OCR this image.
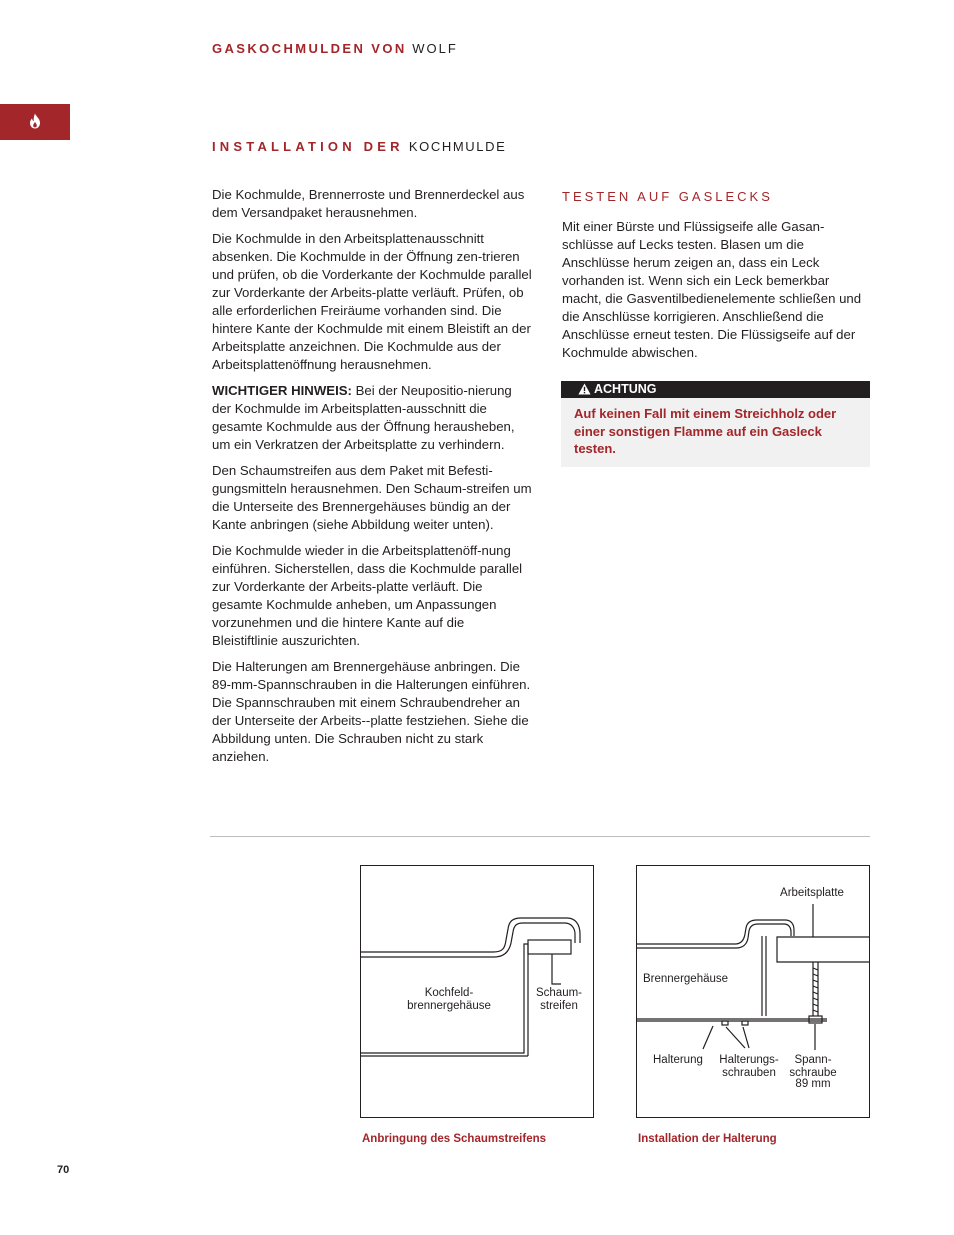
GASKOCHMULDEN VON WOLF
INSTALLATION DER KOCHMULDE

Die Kochmulde, Brennerroste und Brennerdeckel aus dem Versandpaket herausnehmen.

Die Kochmulde in den Arbeitsplattenausschnitt absenken. Die Kochmulde in der Öffnung zen-trieren und prüfen, ob die Vorderkante der Kochmulde parallel zur Vorderkante der Arbeits-platte verläuft. Prüfen, ob alle erforderlichen Freiräume vorhanden sind. Die hintere Kante der Kochmulde mit einem Bleistift an der Arbeitsplatte anzeichnen. Die Kochmulde aus der Arbeitsplattenöffnung herausnehmen.

WICHTIGER HINWEIS: Bei der Neupositio-nierung der Kochmulde im Arbeitsplatten-ausschnitt die gesamte Kochmulde aus der Öffnung herausheben, um ein Verkratzen der Arbeitsplatte zu verhindern.

Den Schaumstreifen aus dem Paket mit Befesti-gungsmitteln herausnehmen. Den Schaum-streifen um die Unterseite des Brennergehäuses bündig an der Kante anbringen (siehe Abbildung weiter unten).

Die Kochmulde wieder in die Arbeitsplattenöff-nung einführen. Sicherstellen, dass die Kochmulde parallel zur Vorderkante der Arbeits-platte verläuft. Die gesamte Kochmulde anheben, um Anpassungen vorzunehmen und die hintere Kante auf die Bleistiftlinie auszurichten.

Die Halterungen am Brennergehäuse anbringen. Die 89-mm-Spannschrauben in die Halterungen einführen. Die Spannschrauben mit einem Schraubendreher an der Unterseite der Arbeits--platte festziehen. Siehe die Abbildung unten. Die Schrauben nicht zu stark anziehen.

TESTEN AUF GASLECKS

Mit einer Bürste und Flüssigseife alle Gasan-schlüsse auf Lecks testen. Blasen um die Anschlüsse herum zeigen an, dass ein Leck vorhanden ist. Wenn sich ein Leck bemerkbar macht, die Gasventilbedienelemente schließen und die Anschlüsse korrigieren. Anschließend die Anschlüsse erneut testen. Die Flüssigseife auf der Kochmulde abwischen.

ACHTUNG
Auf keinen Fall mit einem Streichholz oder einer sonstigen Flamme auf ein Gasleck testen.
Kochfeld-
brennergehäuse
Schaum-
streifen
Anbringung des Schaumstreifens
Arbeitsplatte
Brennergehäuse
Halterung	Halterungs-
schrauben
Spann-
schraube
89 mm
Installation der Halterung
70
